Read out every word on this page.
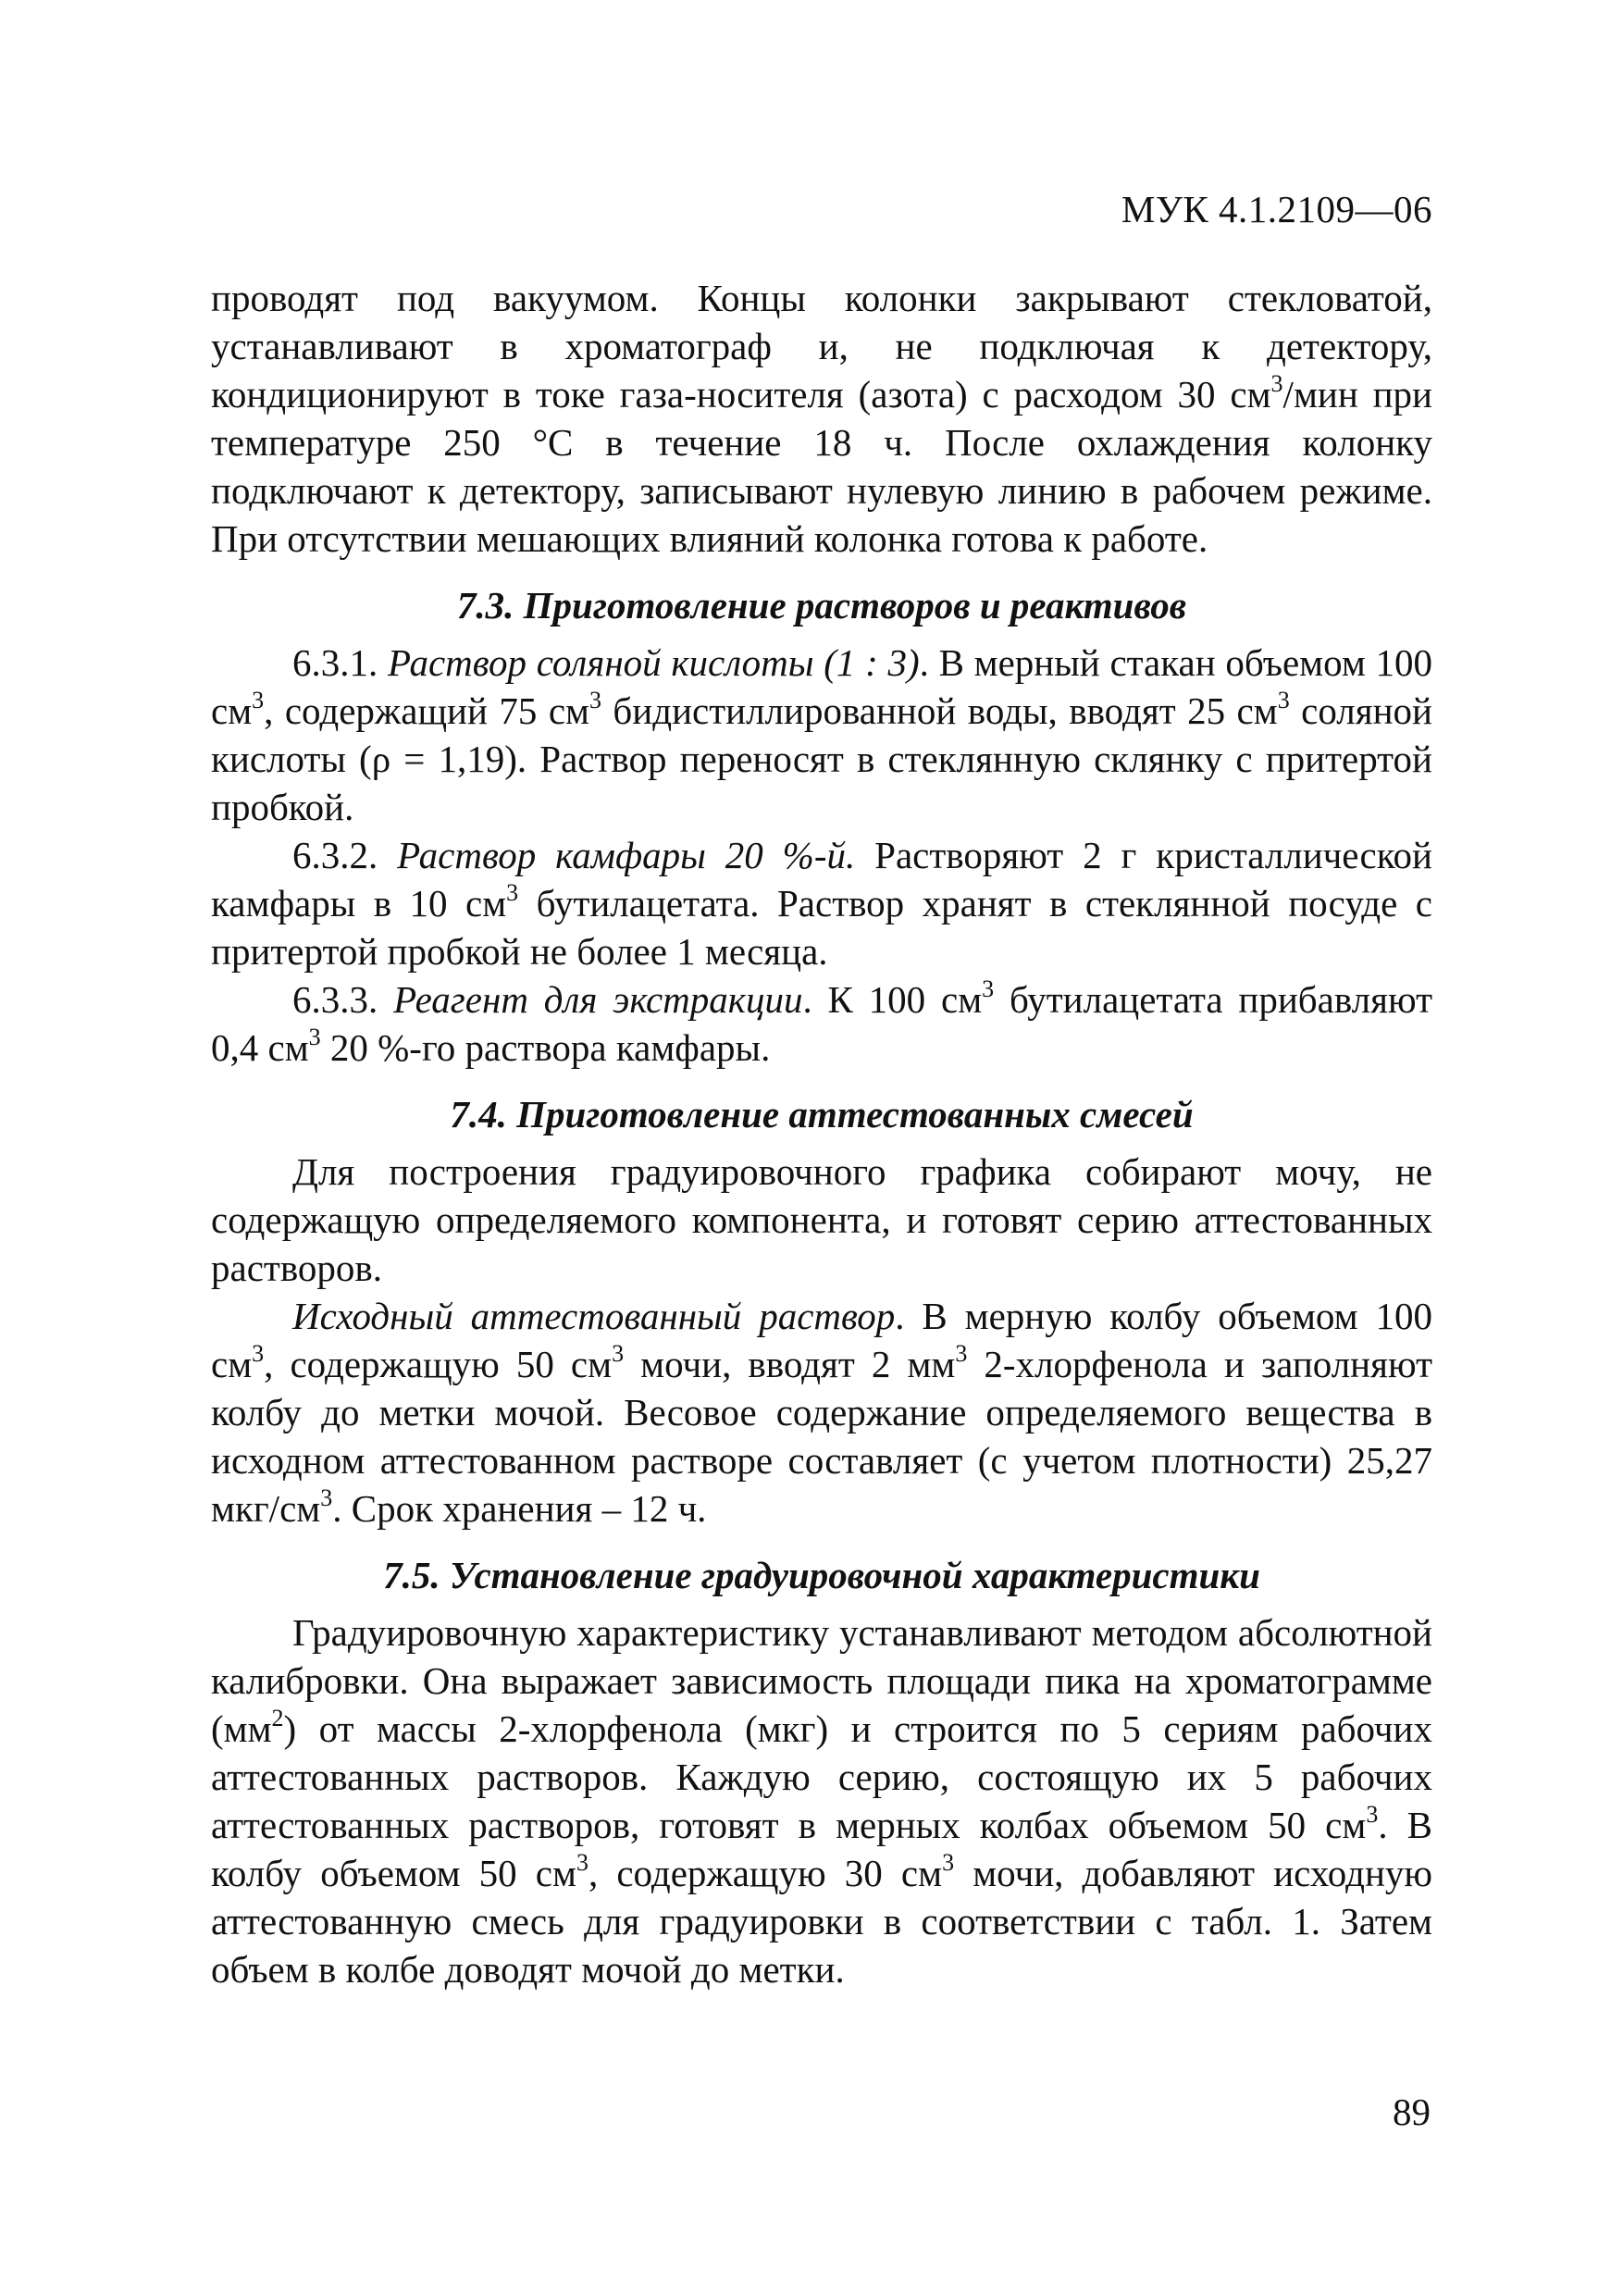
МУК 4.1.2109—06

проводят под вакуумом. Концы колонки закрывают стекловатой, устанавливают в хроматограф и, не подключая к детектору, кондиционируют в токе газа-носителя (азота) с расходом 30 $см^3$/мин при температуре 250 °С в течение 18 ч. После охлаждения колонку подключают к детектору, записывают нулевую линию в рабочем режиме. При отсутствии мешающих влияний колонка готова к работе.

7.3. Приготовление растворов и реактивов

6.3.1. Раствор соляной кислоты (1 : 3). В мерный стакан объемом 100 $см^3$, содержащий 75 $см^3$ бидистиллированной воды, вводят 25 $см^3$ соляной кислоты (ρ = 1,19). Раствор переносят в стеклянную склянку с притертой пробкой.

6.3.2. Раствор камфары 20 %-й. Растворяют 2 г кристаллической камфары в 10 $см^3$ бутилацетата. Раствор хранят в стеклянной посуде с притертой пробкой не более 1 месяца.

6.3.3. Реагент для экстракции. К 100 $см^3$ бутилацетата прибавляют 0,4 $см^3$ 20 %-го раствора камфары.

7.4. Приготовление аттестованных смесей

Для построения градуировочного графика собирают мочу, не содержащую определяемого компонента, и готовят серию аттестованных растворов.

Исходный аттестованный раствор. В мерную колбу объемом 100 $см^3$, содержащую 50 $см^3$ мочи, вводят 2 $мм^3$ 2-хлорфенола и заполняют колбу до метки мочой. Весовое содержание определяемого вещества в исходном аттестованном растворе составляет (с учетом плотности) 25,27 мкг/$см^3$. Срок хранения – 12 ч.

7.5. Установление градуировочной характеристики

Градуировочную характеристику устанавливают методом абсолютной калибровки. Она выражает зависимость площади пика на хроматограмме $(мм^2)$ от массы 2-хлорфенола (мкг) и строится по 5 сериям рабочих аттестованных растворов. Каждую серию, состоящую их 5 рабочих аттестованных растворов, готовят в мерных колбах объемом 50 $см^3$. В колбу объемом 50 $см^3$, содержащую 30 $см^3$ мочи, добавляют исходную аттестованную смесь для градуировки в соответствии с табл. 1. Затем объем в колбе доводят мочой до метки.

89
